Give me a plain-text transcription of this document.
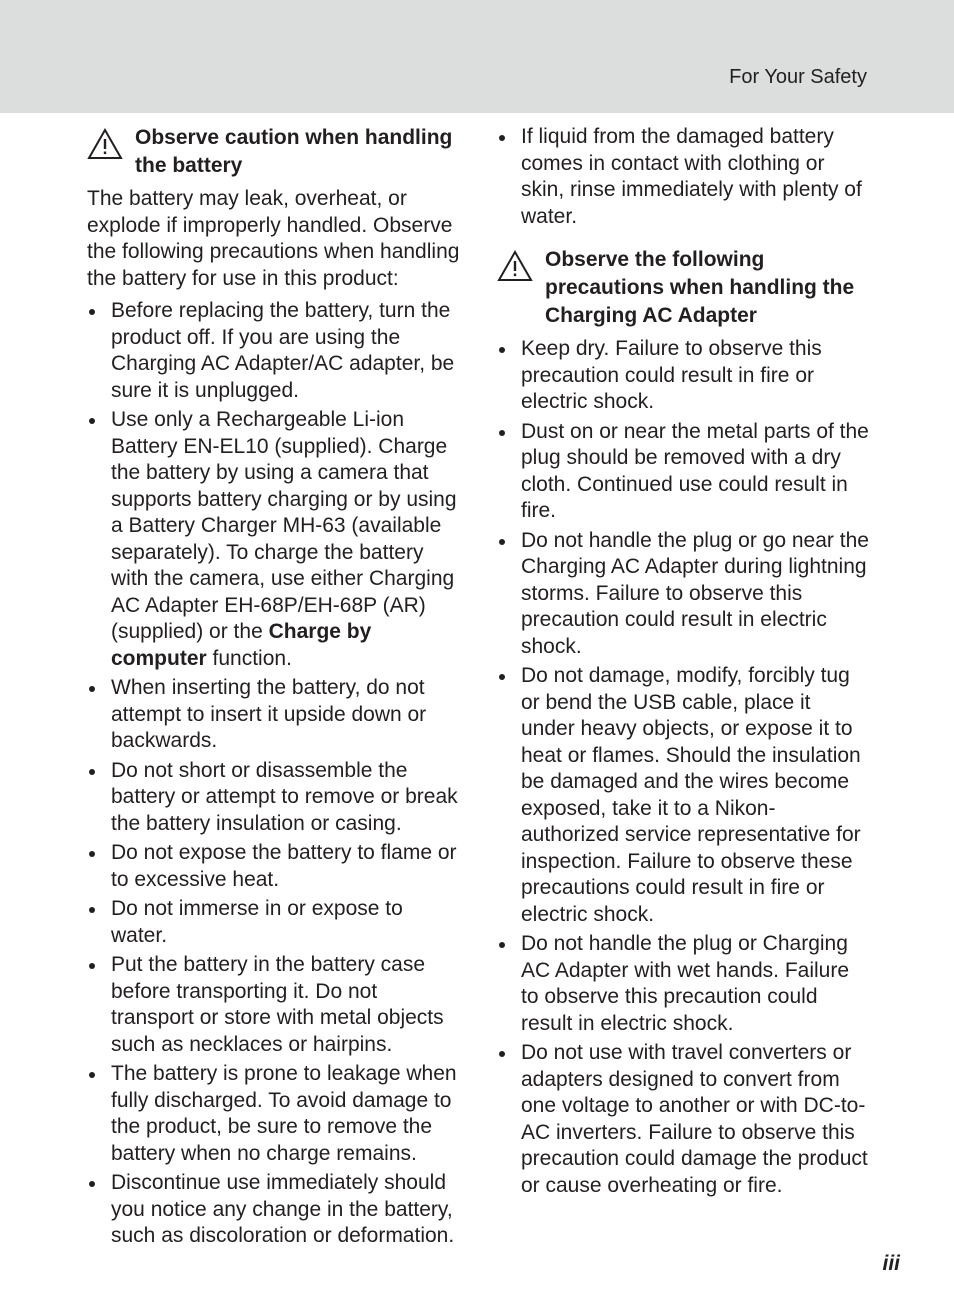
For Your Safety
Observe caution when handling the battery

The battery may leak, overheat, or explode if improperly handled. Observe the following precautions when handling the battery for use in this product:

Before replacing the battery, turn the product off. If you are using the Charging AC Adapter/AC adapter, be sure it is unplugged.
Use only a Rechargeable Li-ion Battery EN-EL10 (supplied). Charge the battery by using a camera that supports battery charging or by using a Battery Charger MH-63 (available separately). To charge the battery with the camera, use either Charging AC Adapter EH-68P/EH-68P (AR) (supplied) or the Charge by computer function.
When inserting the battery, do not attempt to insert it upside down or backwards.
Do not short or disassemble the battery or attempt to remove or break the battery insulation or casing.
Do not expose the battery to flame or to excessive heat.
Do not immerse in or expose to water.
Put the battery in the battery case before transporting it. Do not transport or store with metal objects such as necklaces or hairpins.
The battery is prone to leakage when fully discharged. To avoid damage to the product, be sure to remove the battery when no charge remains.
Discontinue use immediately should you notice any change in the battery, such as discoloration or deformation.
If liquid from the damaged battery comes in contact with clothing or skin, rinse immediately with plenty of water.
Observe the following precautions when handling the Charging AC Adapter
Keep dry. Failure to observe this precaution could result in fire or electric shock.
Dust on or near the metal parts of the plug should be removed with a dry cloth. Continued use could result in fire.
Do not handle the plug or go near the Charging AC Adapter during lightning storms. Failure to observe this precaution could result in electric shock.
Do not damage, modify, forcibly tug or bend the USB cable, place it under heavy objects, or expose it to heat or flames. Should the insulation be damaged and the wires become exposed, take it to a Nikon-authorized service representative for inspection. Failure to observe these precautions could result in fire or electric shock.
Do not handle the plug or Charging AC Adapter with wet hands. Failure to observe this precaution could result in electric shock.
Do not use with travel converters or adapters designed to convert from one voltage to another or with DC-to-AC inverters. Failure to observe this precaution could damage the product or cause overheating or fire.
iii
